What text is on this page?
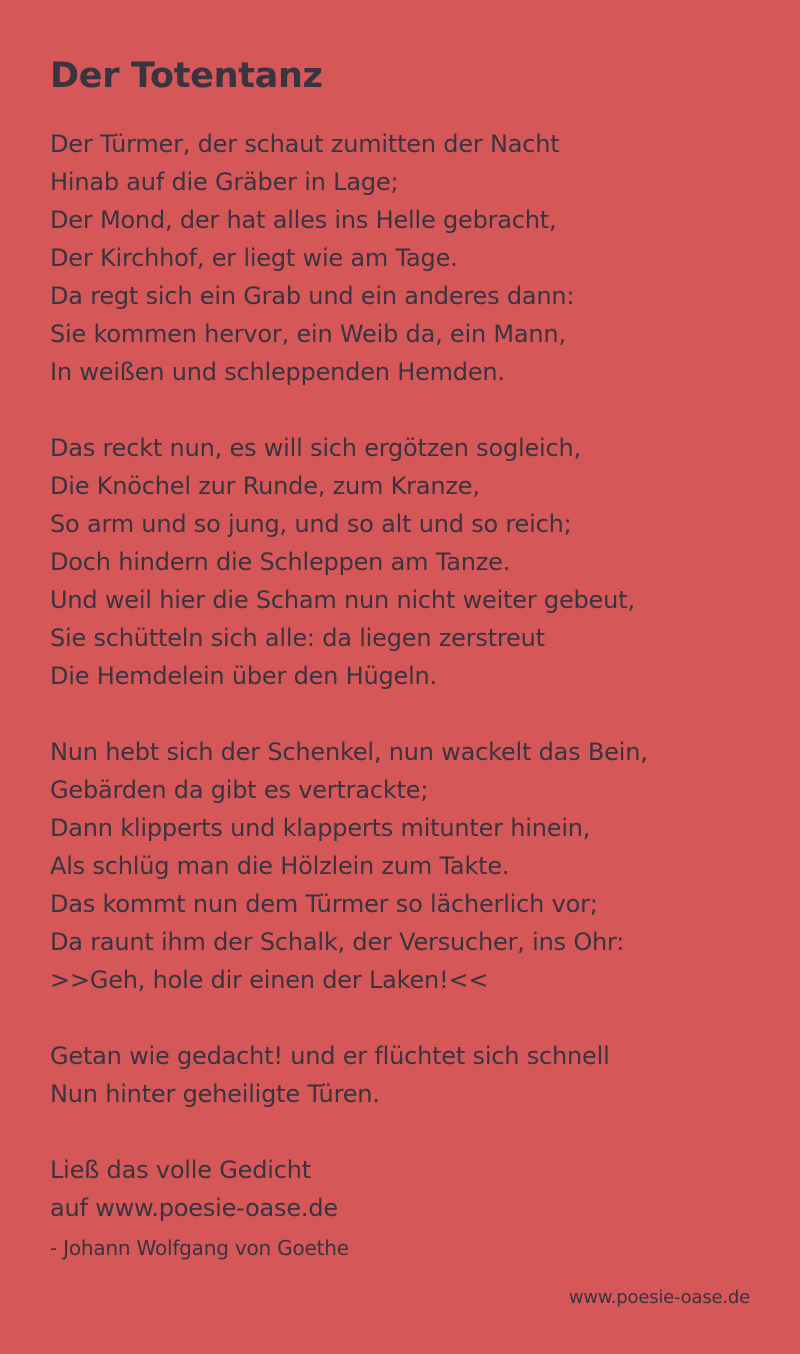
Der Totentanz
Der Türmer, der schaut zumitten der Nacht
Hinab auf die Gräber in Lage;
Der Mond, der hat alles ins Helle gebracht,
Der Kirchhof, er liegt wie am Tage.
Da regt sich ein Grab und ein anderes dann:
Sie kommen hervor, ein Weib da, ein Mann,
In weißen und schleppenden Hemden.
Das reckt nun, es will sich ergötzen sogleich,
Die Knöchel zur Runde, zum Kranze,
So arm und so jung, und so alt und so reich;
Doch hindern die Schleppen am Tanze.
Und weil hier die Scham nun nicht weiter gebeut,
Sie schütteln sich alle: da liegen zerstreut
Die Hemdelein über den Hügeln.
Nun hebt sich der Schenkel, nun wackelt das Bein,
Gebärden da gibt es vertrackte;
Dann klipperts und klapperts mitunter hinein,
Als schlüg man die Hölzlein zum Takte.
Das kommt nun dem Türmer so lächerlich vor;
Da raunt ihm der Schalk, der Versucher, ins Ohr:
>>Geh, hole dir einen der Laken!<<
Getan wie gedacht! und er flüchtet sich schnell
Nun hinter geheiligte Türen.
Ließ das volle Gedicht
auf www.poesie-oase.de
- Johann Wolfgang von Goethe
www.poesie-oase.de
